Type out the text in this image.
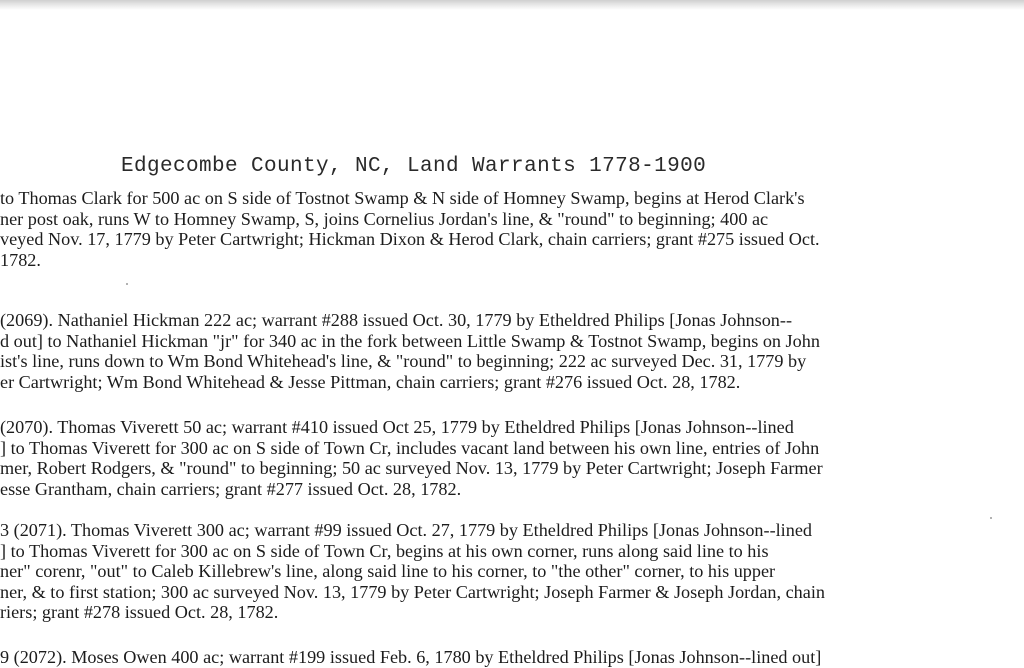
Edgecombe County, NC, Land Warrants 1778-1900

to Thomas Clark for 500 ac on S side of Tostnot Swamp & N side of Homney Swamp, begins at Herod Clark's
ner post oak, runs W to Homney Swamp, S, joins Cornelius Jordan's line, & "round" to beginning; 400 ac
veyed Nov. 17, 1779 by Peter Cartwright; Hickman Dixon & Herod Clark, chain carriers; grant #275 issued Oct.
1782.

(2069). Nathaniel Hickman 222 ac; warrant #288 issued Oct. 30, 1779 by Etheldred Philips [Jonas Johnson--
d out] to Nathaniel Hickman "jr" for 340 ac in the fork between Little Swamp & Tostnot Swamp, begins on John
ist's line, runs down to Wm Bond Whitehead's line, & "round" to beginning; 222 ac surveyed Dec. 31, 1779 by
er Cartwright; Wm Bond Whitehead & Jesse Pittman, chain carriers; grant #276 issued Oct. 28, 1782.

(2070). Thomas Viverett 50 ac; warrant #410 issued Oct 25, 1779 by Etheldred Philips [Jonas Johnson--lined
] to Thomas Viverett for 300 ac on S side of Town Cr, includes vacant land between his own line, entries of John
mer, Robert Rodgers, & "round" to beginning; 50 ac surveyed Nov. 13, 1779 by Peter Cartwright; Joseph Farmer
esse Grantham, chain carriers; grant #277 issued Oct. 28, 1782.

3 (2071). Thomas Viverett 300 ac; warrant #99 issued Oct. 27, 1779 by Etheldred Philips [Jonas Johnson--lined
] to Thomas Viverett for 300 ac on S side of Town Cr, begins at his own corner, runs along said line to his
ner" corenr, "out" to Caleb Killebrew's line, along said line to his corner, to "the other" corner, to his upper
ner, & to first station; 300 ac surveyed Nov. 13, 1779 by Peter Cartwright; Joseph Farmer & Joseph Jordan, chain
riers; grant #278 issued Oct. 28, 1782.

9 (2072). Moses Owen 400 ac; warrant #199 issued Feb. 6, 1780 by Etheldred Philips [Jonas Johnson--lined out]
